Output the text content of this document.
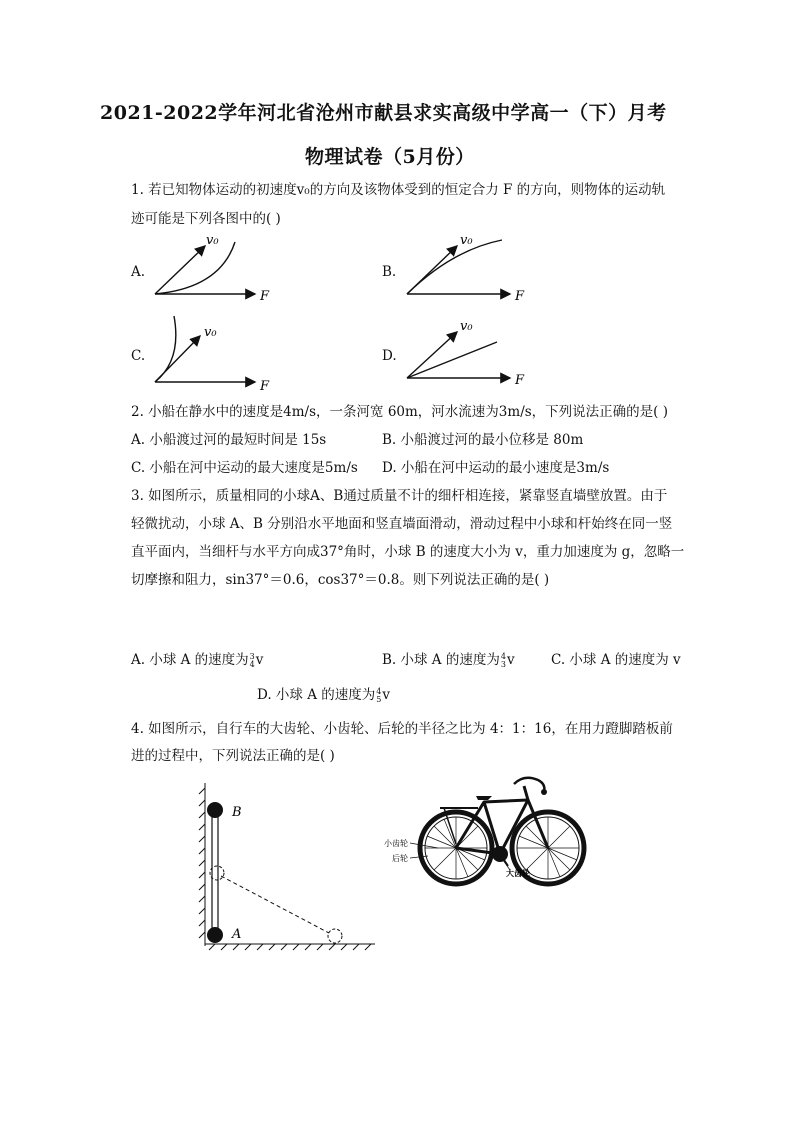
2021-2022学年河北省沧州市献县求实高级中学高一（下）月考
物理试卷（5月份）
1. 若已知物体运动的初速度v₀的方向及该物体受到的恒定合力 F 的方向，则物体的运动轨
迹可能是下列各图中的( )
A.	B.
C.	D.
v₀
F
v₀
F
v₀
F
v₀
F
2. 小船在静水中的速度是4m/s，一条河宽 60m，河水流速为3m/s，下列说法正确的是( )
A. 小船渡过河的最短时间是 15s	B. 小船渡过河的最小位移是 80m
C. 小船在河中运动的最大速度是5m/s D. 小船在河中运动的最小速度是3m/s
3. 如图所示，质量相同的小球A、B通过质量不计的细杆相连接，紧靠竖直墙壁放置。由于
轻微扰动，小球 A、B 分别沿水平地面和竖直墙面滑动，滑动过程中小球和杆始终在同一竖
直平面内，当细杆与水平方向成37°角时，小球 B 的速度大小为 v，重力加速度为 g，忽略一
切摩擦和阻力，sin37°＝0.6，cos37°＝0.8。则下列说法正确的是( )
A. 小球 A 的速度为 3
4 v	B. 小球 A 的速度为 4
3 v	C. 小球 A 的速度为 v
D. 小球 A 的速度为 4
5 v
4. 如图所示，自行车的大齿轮、小齿轮、后轮的半径之比为 4：1：16，在用力蹬脚踏板前
进的过程中，下列说法正确的是( )
B
A
小齿轮
后轮
大齿轮
